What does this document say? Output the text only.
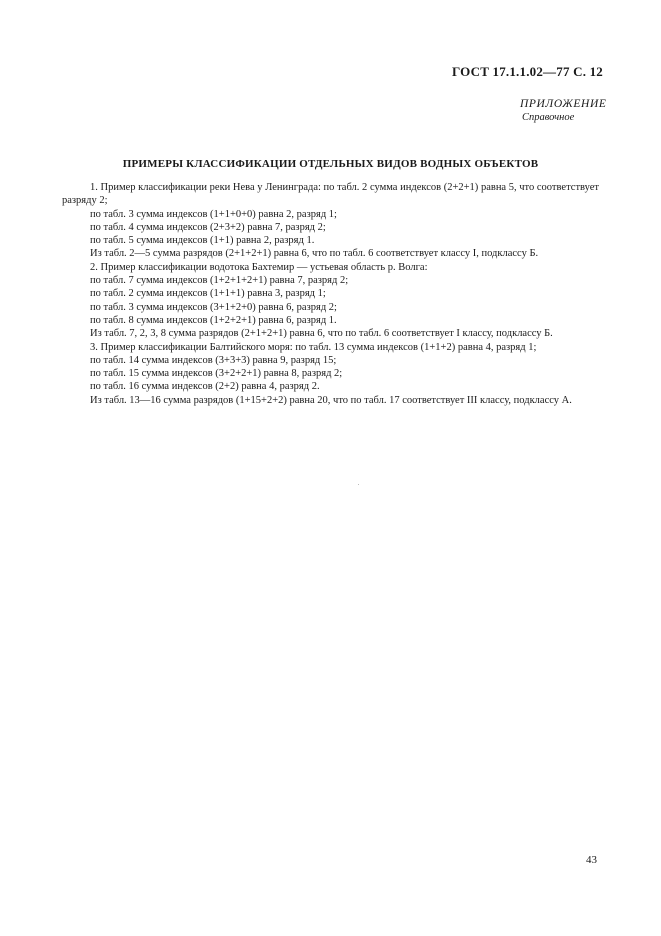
ГОСТ 17.1.1.02—77 С. 12
ПРИЛОЖЕНИЕ
Справочное
ПРИМЕРЫ КЛАССИФИКАЦИИ ОТДЕЛЬНЫХ ВИДОВ ВОДНЫХ ОБЪЕКТОВ

1. Пример классификации реки Нева у Ленинграда: по табл. 2 сумма индексов (2+2+1) равна 5, что соответствует разряду 2;

по табл. 3 сумма индексов (1+1+0+0) равна 2, разряд 1;

по табл. 4 сумма индексов (2+3+2) равна 7, разряд 2;

по табл. 5 сумма индексов (1+1) равна 2, разряд 1.

Из табл. 2—5 сумма разрядов (2+1+2+1) равна 6, что по табл. 6 соответствует классу I, подклассу Б.

2. Пример классификации водотока Бахтемир — устьевая область р. Волга:

по табл. 7 сумма индексов (1+2+1+2+1) равна 7, разряд 2;

по табл. 2 сумма индексов (1+1+1) равна 3, разряд 1;

по табл. 3 сумма индексов (3+1+2+0) равна 6, разряд 2;

по табл. 8 сумма индексов (1+2+2+1) равна 6, разряд 1.

Из табл. 7, 2, 3, 8 сумма разрядов (2+1+2+1) равна 6, что по табл. 6 соответствует I классу, подклассу Б.

3. Пример классификации Балтийского моря: по табл. 13 сумма индексов (1+1+2) равна 4, разряд 1;

по табл. 14 сумма индексов (3+3+3) равна 9, разряд 15;

по табл. 15 сумма индексов (3+2+2+1) равна 8, разряд 2;

по табл. 16 сумма индексов (2+2) равна 4, разряд 2.

Из табл. 13—16 сумма разрядов (1+15+2+2) равна 20, что по табл. 17 соответствует III классу, подклассу А.

43
